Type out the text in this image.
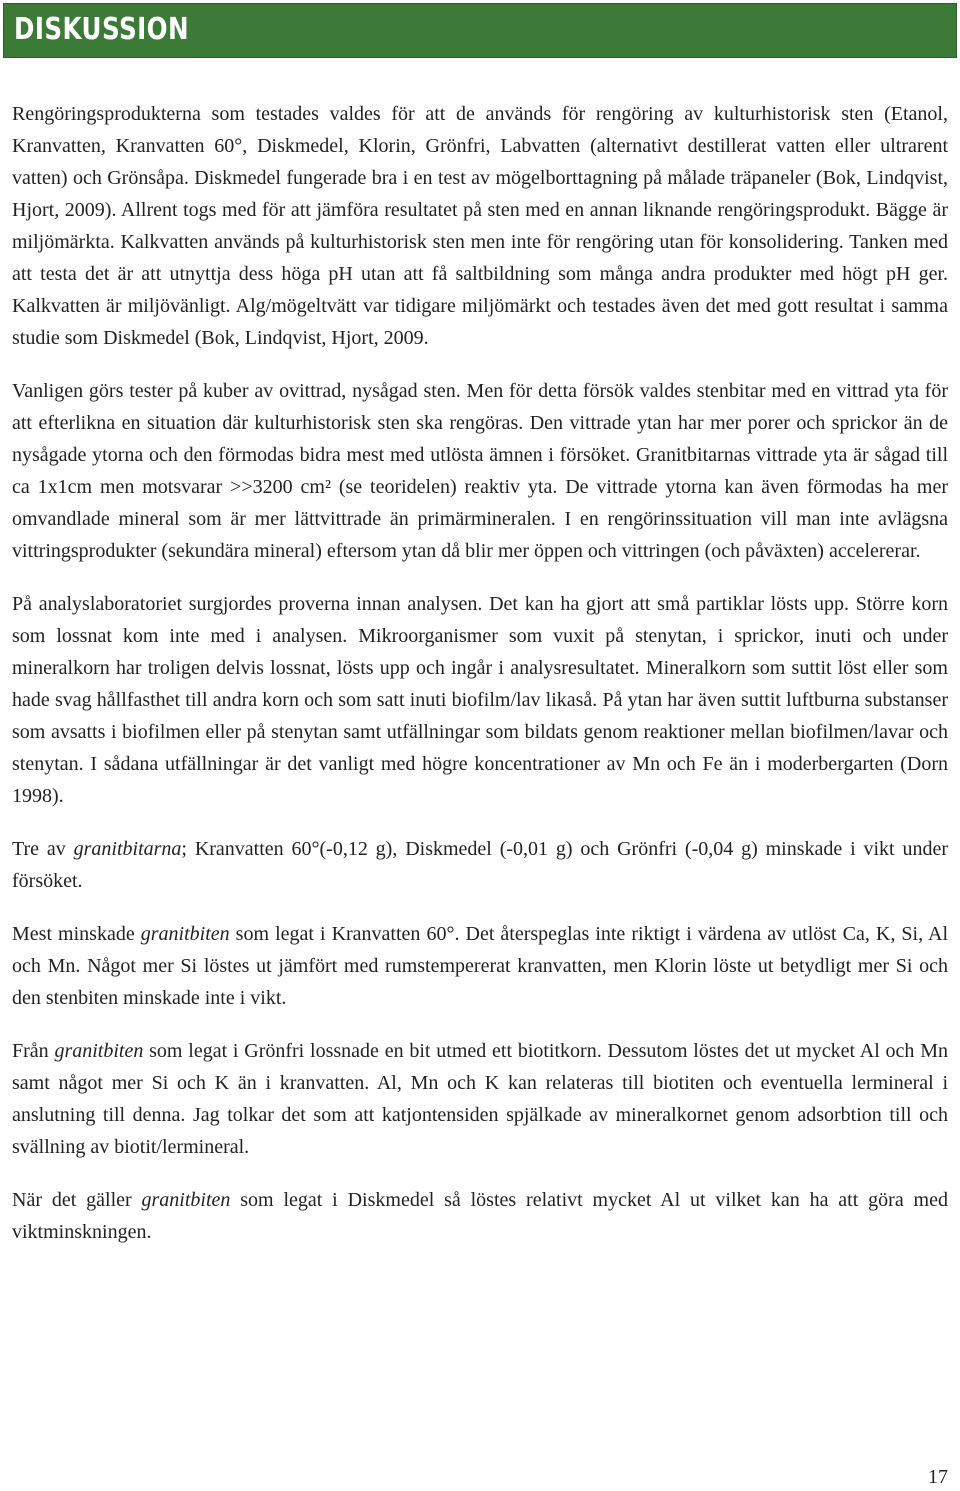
DISKUSSION

Rengöringsprodukterna som testades valdes för att de används för rengöring av kulturhistorisk sten (Etanol, Kranvatten, Kranvatten 60°, Diskmedel, Klorin, Grönfri, Labvatten (alternativt destillerat vatten eller ultrarent vatten) och Grönsåpa. Diskmedel fungerade bra i en test av mögelborttagning på målade träpaneler (Bok, Lindqvist, Hjort, 2009). Allrent togs med för att jämföra resultatet på sten med en annan liknande rengöringsprodukt. Bägge är miljömärkta. Kalkvatten används på kulturhistorisk sten men inte för rengöring utan för konsolidering. Tanken med att testa det är att utnyttja dess höga pH utan att få saltbildning som många andra produkter med högt pH ger. Kalkvatten är miljövänligt. Alg/mögeltvätt var tidigare miljömärkt och testades även det med gott resultat i samma studie som Diskmedel (Bok, Lindqvist, Hjort, 2009.

Vanligen görs tester på kuber av ovittrad, nysågad sten. Men för detta försök valdes stenbitar med en vittrad yta för att efterlikna en situation där kulturhistorisk sten ska rengöras. Den vittrade ytan har mer porer och sprickor än de nysågade ytorna och den förmodas bidra mest med utlösta ämnen i försöket. Granitbitarnas vittrade yta är sågad till ca 1x1cm men motsvarar >>3200 cm² (se teoridelen) reaktiv yta. De vittrade ytorna kan även förmodas ha mer omvandlade mineral som är mer lättvittrade än primärmineralen. I en rengörinssituation vill man inte avlägsna vittringsprodukter (sekundära mineral) eftersom ytan då blir mer öppen och vittringen (och påväxten) accelererar.

På analyslaboratoriet surgjordes proverna innan analysen. Det kan ha gjort att små partiklar lösts upp. Större korn som lossnat kom inte med i analysen. Mikroorganismer som vuxit på stenytan, i sprickor, inuti och under mineralkorn har troligen delvis lossnat, lösts upp och ingår i analysresultatet. Mineralkorn som suttit löst eller som hade svag hållfasthet till andra korn och som satt inuti biofilm/lav likaså. På ytan har även suttit luftburna substanser som avsatts i biofilmen eller på stenytan samt utfällningar som bildats genom reaktioner mellan biofilmen/lavar och stenytan. I sådana utfällningar är det vanligt med högre koncentrationer av Mn och Fe än i moderbergarten (Dorn 1998).

Tre av granitbitarna; Kranvatten 60°(-0,12 g), Diskmedel (-0,01 g) och Grönfri (-0,04 g) minskade i vikt under försöket.

Mest minskade granitbiten som legat i Kranvatten 60°. Det återspeglas inte riktigt i värdena av utlöst Ca, K, Si, Al och Mn. Något mer Si löstes ut jämfört med rumstempererat kranvatten, men Klorin löste ut betydligt mer Si och den stenbiten minskade inte i vikt.

Från granitbiten som legat i Grönfri lossnade en bit utmed ett biotitkorn. Dessutom löstes det ut mycket Al och Mn samt något mer Si och K än i kranvatten. Al, Mn och K kan relateras till biotiten och eventuella lermineral i anslutning till denna. Jag tolkar det som att katjontensiden spjälkade av mineralkornet genom adsorbtion till och svällning av biotit/lermineral.

När det gäller granitbiten som legat i Diskmedel så löstes relativt mycket Al ut vilket kan ha att göra med viktminskningen.

17
